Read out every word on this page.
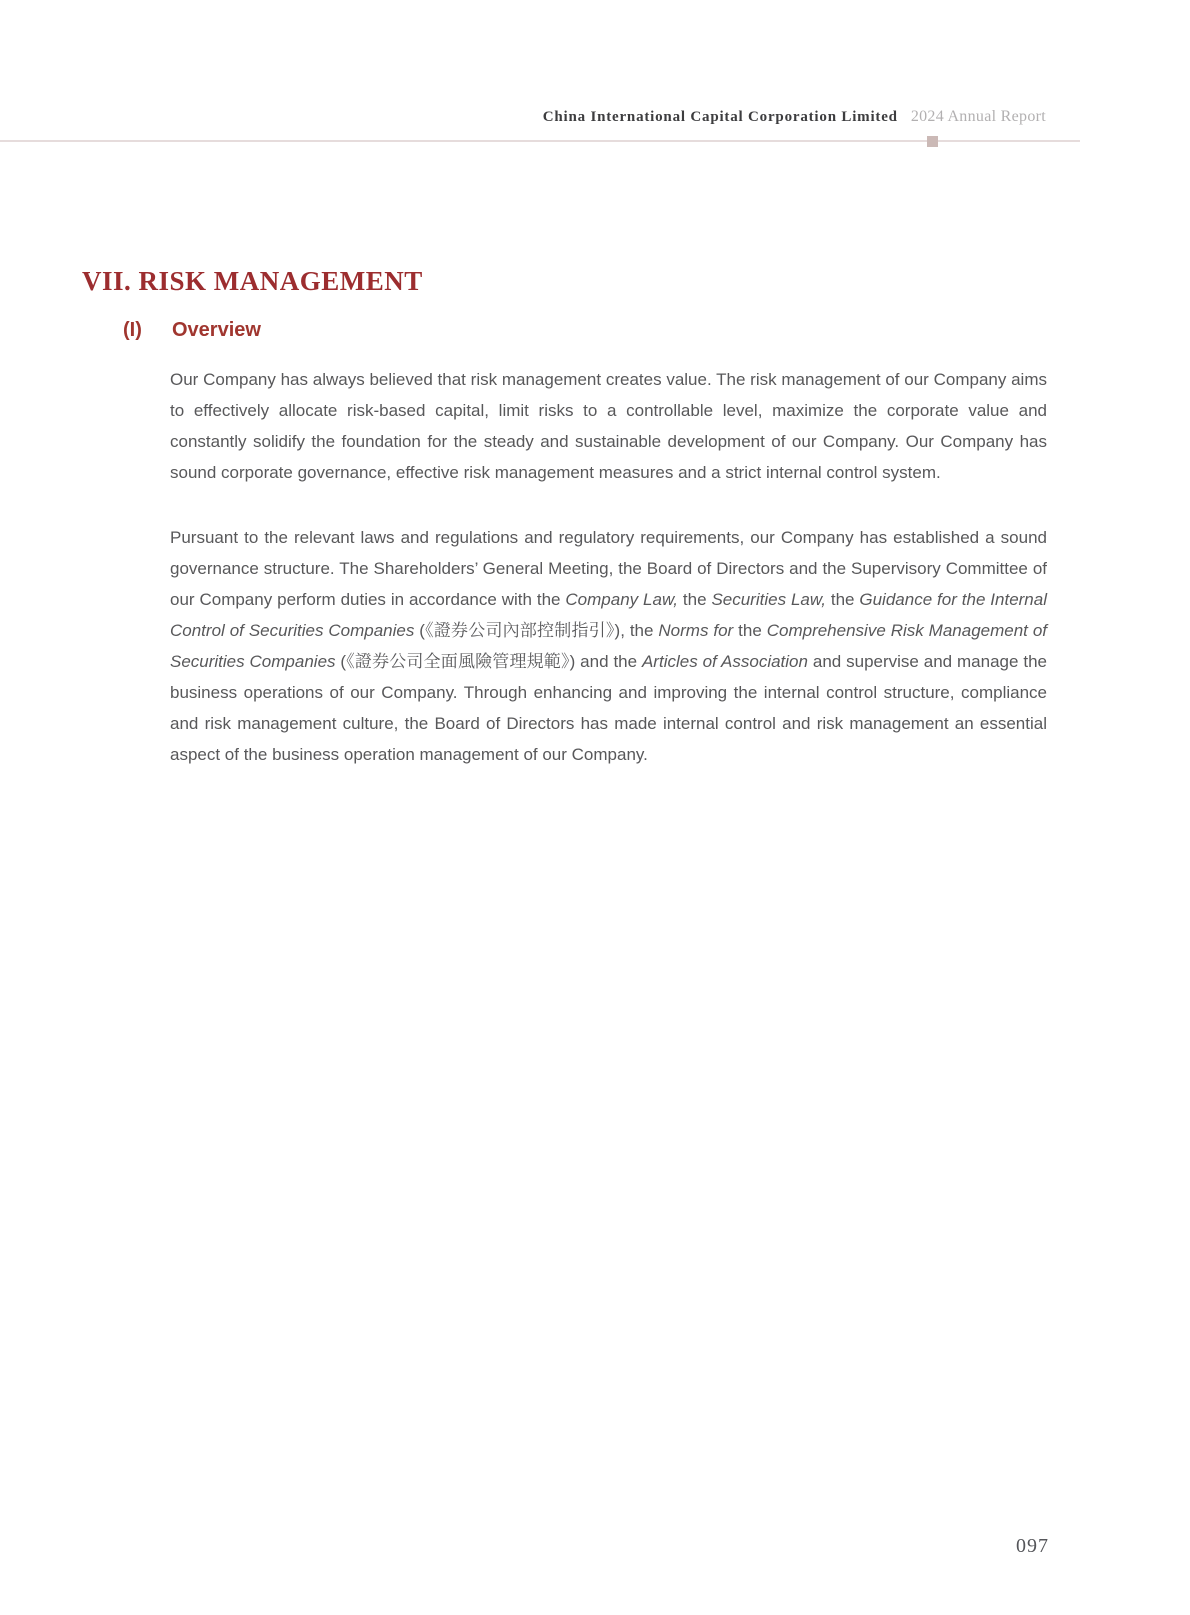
China International Capital Corporation Limited 2024 Annual Report
VII. RISK MANAGEMENT
(I) Overview

Our Company has always believed that risk management creates value. The risk management of our Company aims to effectively allocate risk-based capital, limit risks to a controllable level, maximize the corporate value and constantly solidify the foundation for the steady and sustainable development of our Company. Our Company has sound corporate governance, effective risk management measures and a strict internal control system.

Pursuant to the relevant laws and regulations and regulatory requirements, our Company has established a sound governance structure. The Shareholders’ General Meeting, the Board of Directors and the Supervisory Committee of our Company perform duties in accordance with the Company Law, the Securities Law, the Guidance for the Internal Control of Securities Companies (《證券公司內部控制指引》), the Norms for the Comprehensive Risk Management of Securities Companies (《證券公司全面風險管理規範》) and the Articles of Association and supervise and manage the business operations of our Company. Through enhancing and improving the internal control structure, compliance and risk management culture, the Board of Directors has made internal control and risk management an essential aspect of the business operation management of our Company.

097
